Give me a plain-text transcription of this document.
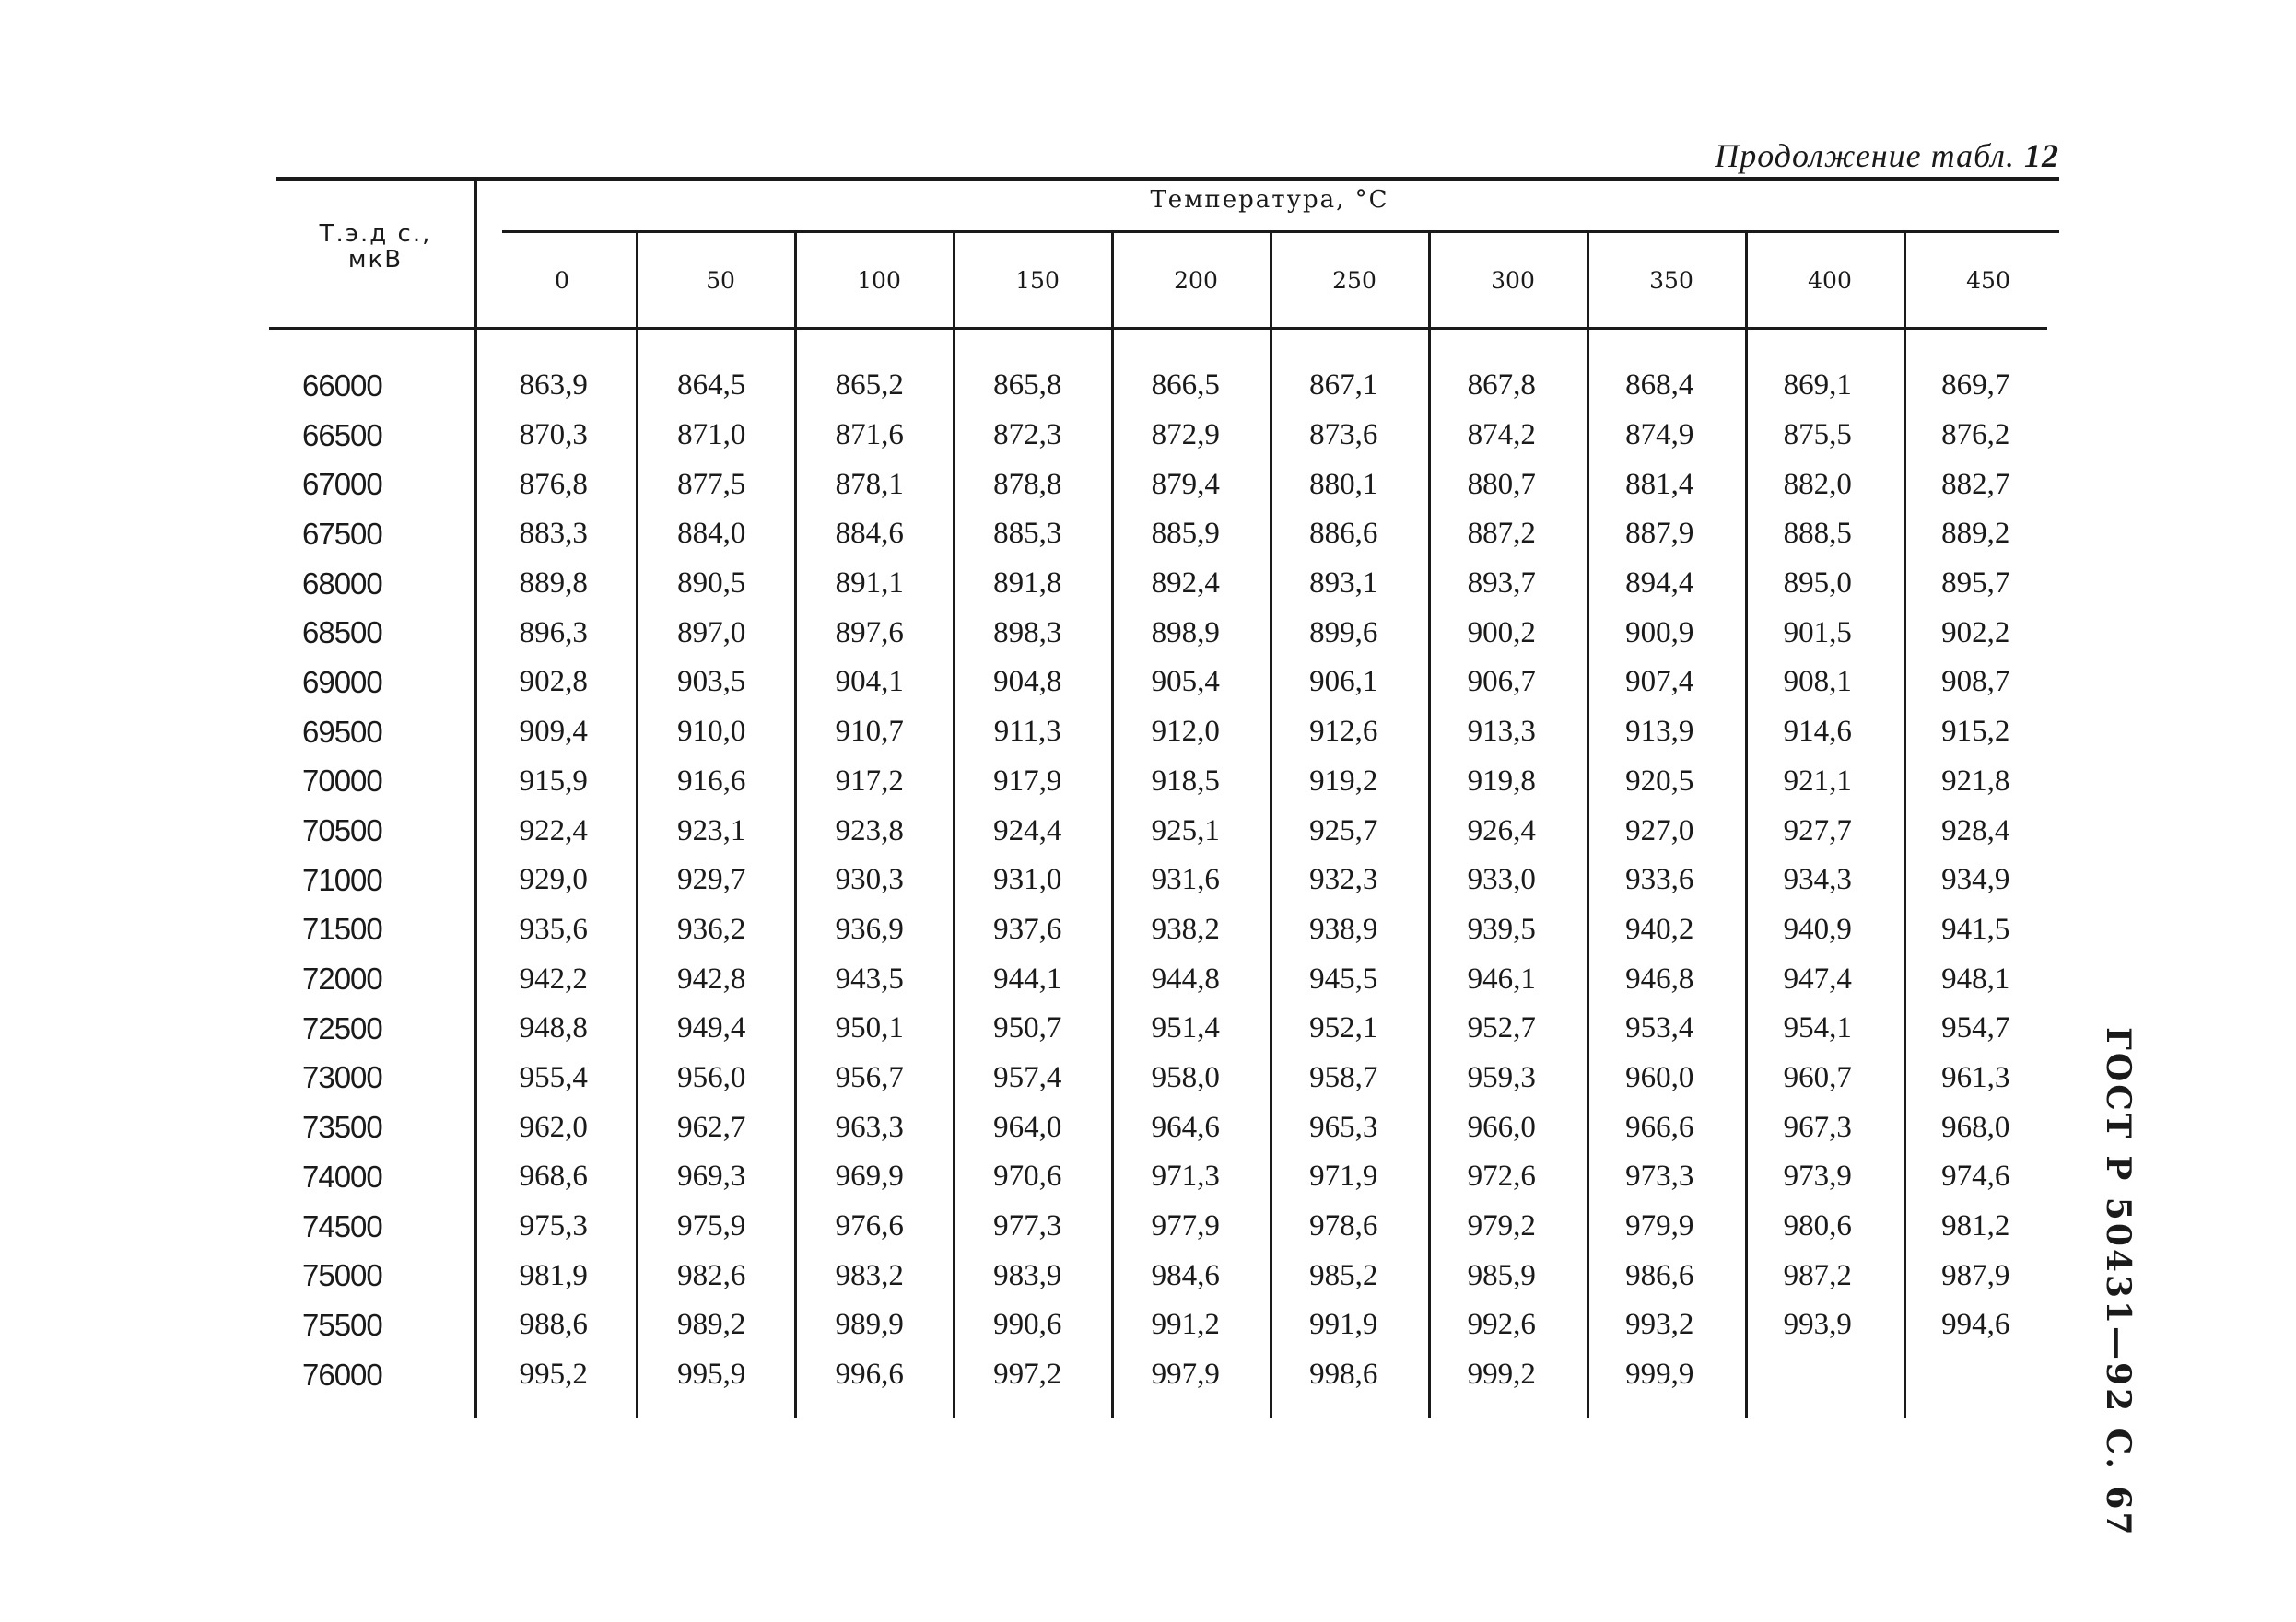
Продолжение табл. 12
Т.э.д с.,
мкВ
Температура, °С
0	50	100	150	200	250	300	350	400	450
66000	863,9	864,5	865,2	865,8	866,5	867,1	867,8	868,4	869,1	869,7
66500	870,3	871,0	871,6	872,3	872,9	873,6	874,2	874,9	875,5	876,2
67000	876,8	877,5	878,1	878,8	879,4	880,1	880,7	881,4	882,0	882,7
67500	883,3	884,0	884,6	885,3	885,9	886,6	887,2	887,9	888,5	889,2
68000	889,8	890,5	891,1	891,8	892,4	893,1	893,7	894,4	895,0	895,7
68500	896,3	897,0	897,6	898,3	898,9	899,6	900,2	900,9	901,5	902,2
69000	902,8	903,5	904,1	904,8	905,4	906,1	906,7	907,4	908,1	908,7
69500	909,4	910,0	910,7	911,3	912,0	912,6	913,3	913,9	914,6	915,2
70000	915,9	916,6	917,2	917,9	918,5	919,2	919,8	920,5	921,1	921,8
70500	922,4	923,1	923,8	924,4	925,1	925,7	926,4	927,0	927,7	928,4
71000	929,0	929,7	930,3	931,0	931,6	932,3	933,0	933,6	934,3	934,9
71500	935,6	936,2	936,9	937,6	938,2	938,9	939,5	940,2	940,9	941,5
72000	942,2	942,8	943,5	944,1	944,8	945,5	946,1	946,8	947,4	948,1
72500	948,8	949,4	950,1	950,7	951,4	952,1	952,7	953,4	954,1	954,7
73000	955,4	956,0	956,7	957,4	958,0	958,7	959,3	960,0	960,7	961,3
73500	962,0	962,7	963,3	964,0	964,6	965,3	966,0	966,6	967,3	968,0
74000	968,6	969,3	969,9	970,6	971,3	971,9	972,6	973,3	973,9	974,6
74500	975,3	975,9	976,6	977,3	977,9	978,6	979,2	979,9	980,6	981,2
75000	981,9	982,6	983,2	983,9	984,6	985,2	985,9	986,6	987,2	987,9
75500	988,6	989,2	989,9	990,6	991,2	991,9	992,6	993,2	993,9	994,6
76000	995,2	995,9	996,6	997,2	997,9	998,6	999,2	999,9	ГОСТ Р 50431—92 С. 67
